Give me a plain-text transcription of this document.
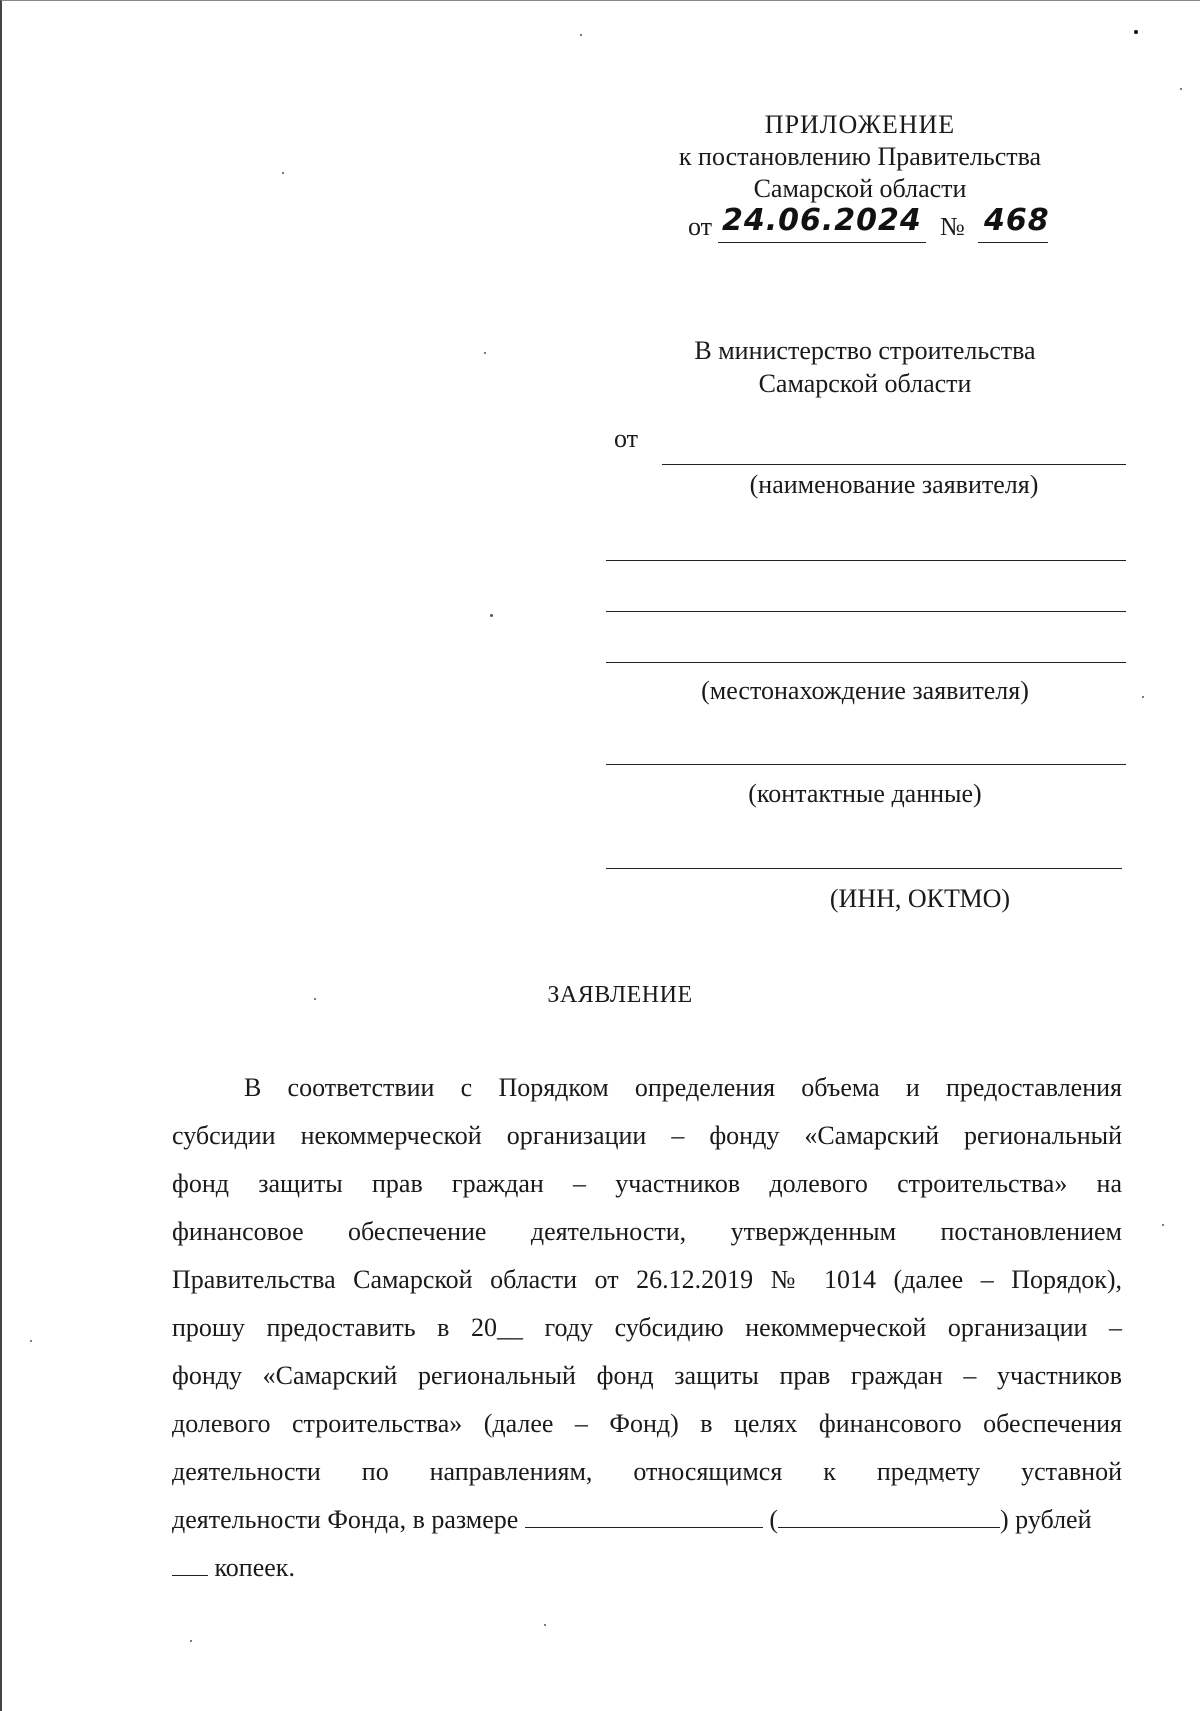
ПРИЛОЖЕНИЕ
к постановлению Правительства
Самарской области
от 24.06.2024 № 468
В министерство строительства
Самарской области
от
(наименование заявителя)
(местонахождение заявителя)
(контактные данные)
(ИНН, ОКТМО)
ЗАЯВЛЕНИЕ
В соответствии с Порядком определения объема и предоставления
субсидии некоммерческой организации – фонду «Самарский региональный
фонд защиты прав граждан – участников долевого строительства» на
финансовое обеспечение деятельности, утвержденным постановлением
Правительства Самарской области от 26.12.2019 № 1014 (далее – Порядок),
прошу предоставить в 20__ году субсидию некоммерческой организации –
фонду «Самарский региональный фонд защиты прав граждан – участников
долевого строительства» (далее – Фонд) в целях финансового обеспечения
деятельности по направлениям, относящимся к предмету уставной
деятельности Фонда, в размере	(	) рублей
копеек.
